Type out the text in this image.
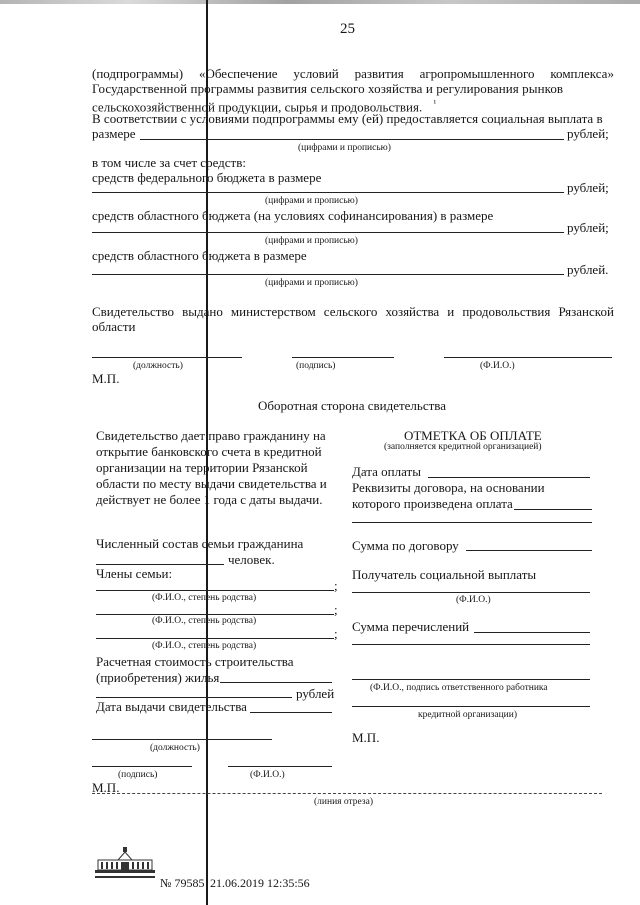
25
(подпрограммы) «Обеспечение условий развития агропромышленного комплекса»
Государственной программы развития сельского хозяйства и регулирования рынков
сельскохозяйственной продукции, сырья и продовольствия. $^{^1}$
В соответствии с условиями подпрограммы ему (ей) предоставляется социальная выплата в
размере	рублей;
(цифрами и прописью)
в том числе за счет средств:
средств федерального бюджета в размере
рублей;
(цифрами и прописью)
средств областного бюджета (на условиях софинансирования) в размере
рублей;
(цифрами и прописью)
средств областного бюджета в размере
рублей.
(цифрами и прописью)
Свидетельство выдано министерством сельского хозяйства и продовольствия Рязанской
области
(должность)	(подпись)	(Ф.И.О.)
М.П.
Оборотная сторона свидетельства
Свидетельство дает право гражданину на
открытие банковского счета в кредитной
организации на территории Рязанской
области по месту выдачи свидетельства и
действует не более 1 года с даты выдачи.
Численный состав семьи гражданина
человек.
Члены семьи:
;
(Ф.И.О., степень родства)
;
(Ф.И.О., степень родства)
;
(Ф.И.О., степень родства)
Расчетная стоимость строительства
(приобретения) жилья
рублей
Дата выдачи свидетельства
(должность)
(подпись)	(Ф.И.О.)
М.П.
ОТМЕТКА ОБ ОПЛАТЕ
(заполняется кредитной организацией)
Дата оплаты
Реквизиты договора, на основании
которого произведена оплата
Сумма по договору
Получатель социальной выплаты
(Ф.И.О.)
Сумма перечислений
(Ф.И.О., подпись ответственного работника
кредитной организации)
М.П.
(линия отреза)
№ 79585 21.06.2019 12:35:56
